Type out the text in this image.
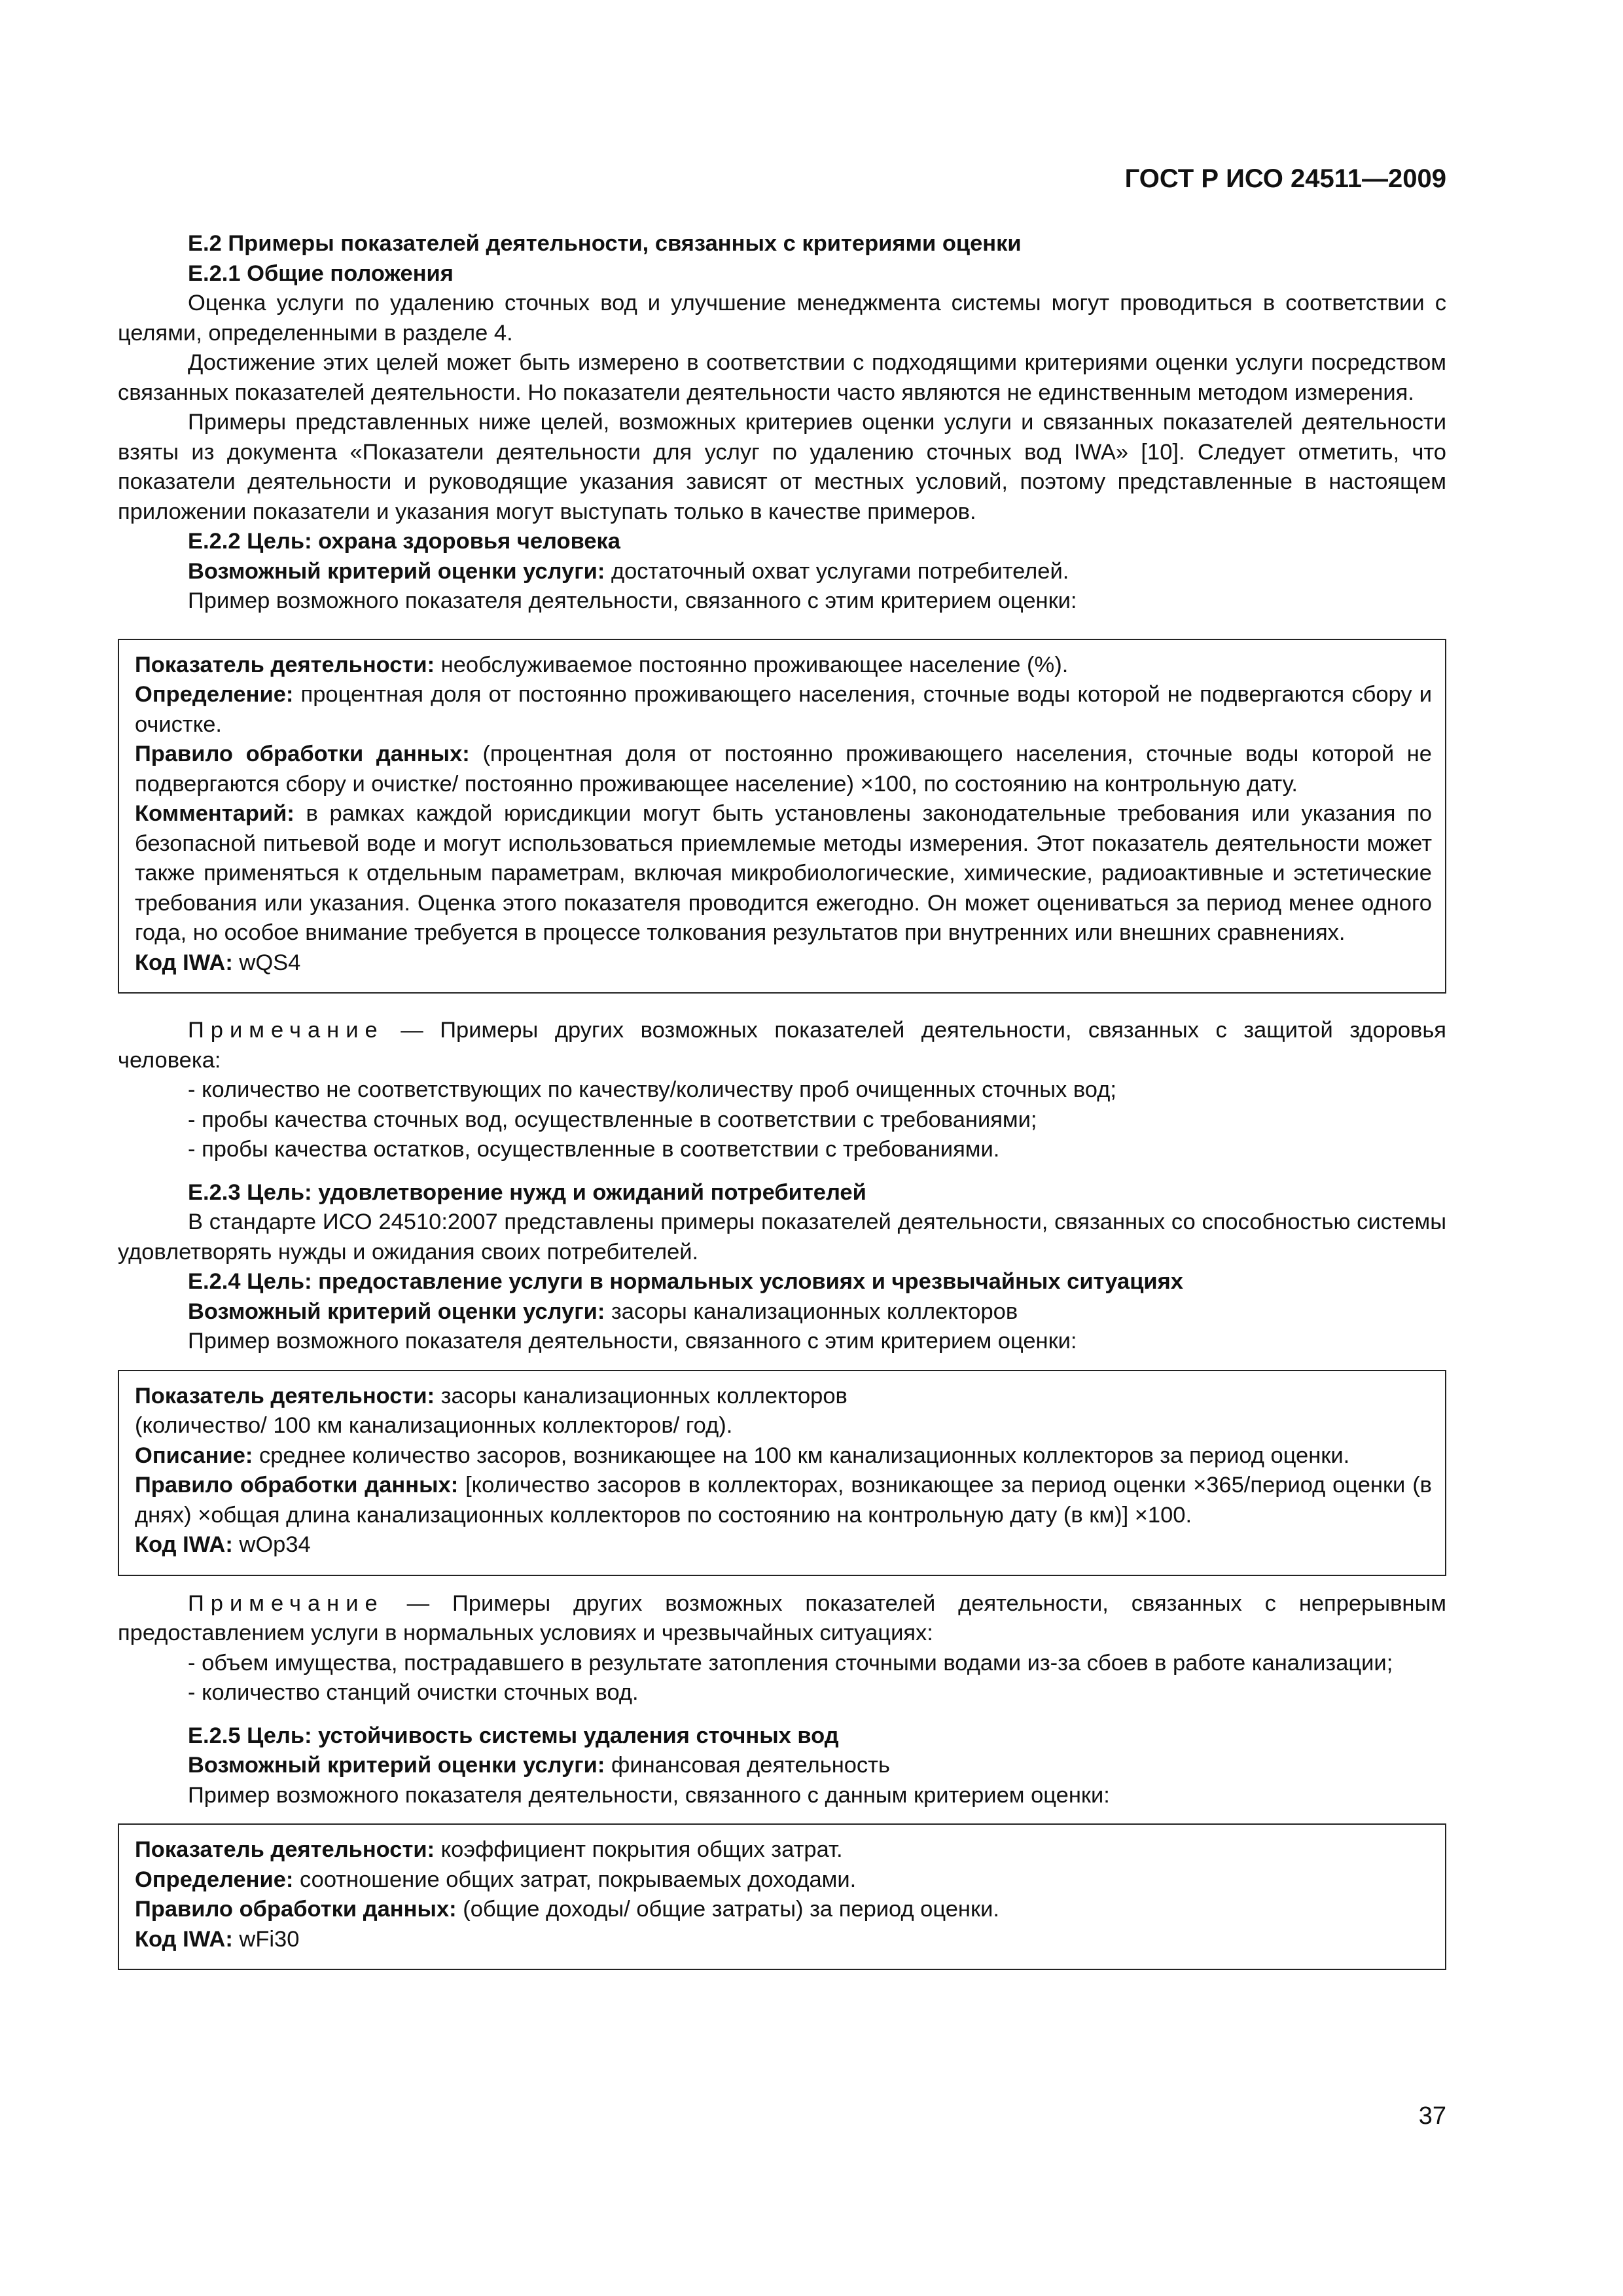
ГОСТ Р ИСО 24511—2009

Е.2 Примеры показателей деятельности, связанных с критериями оценки

Е.2.1 Общие положения

Оценка услуги по удалению сточных вод и улучшение менеджмента системы могут проводиться в соответствии с целями, определенными в разделе 4.

Достижение этих целей может быть измерено в соответствии с подходящими критериями оценки услуги посредством связанных показателей деятельности. Но показатели деятельности часто являются не единственным методом измерения.

Примеры представленных ниже целей, возможных критериев оценки услуги и связанных показателей деятельности взяты из документа «Показатели деятельности для услуг по удалению сточных вод IWA» [10]. Следует отметить, что показатели деятельности и руководящие указания зависят от местных условий, поэтому представленные в настоящем приложении показатели и указания могут выступать только в качестве примеров.

Е.2.2 Цель: охрана здоровья человека

Возможный критерий оценки услуги: достаточный охват услугами потребителей.

Пример возможного показателя деятельности, связанного с этим критерием оценки:

Показатель деятельности: необслуживаемое постоянно проживающее население (%).

Определение: процентная доля от постоянно проживающего населения, сточные воды которой не подвергаются сбору и очистке.

Правило обработки данных: (процентная доля от постоянно проживающего населения, сточные воды которой не подвергаются сбору и очистке/ постоянно проживающее население) ×100, по состоянию на контрольную дату.

Комментарий: в рамках каждой юрисдикции могут быть установлены законодательные требования или указания по безопасной питьевой воде и могут использоваться приемлемые методы измерения. Этот показатель деятельности может также применяться к отдельным параметрам, включая микробиологические, химические, радиоактивные и эстетические требования или указания. Оценка этого показателя проводится ежегодно. Он может оцениваться за период менее одного года, но особое внимание требуется в процессе толкования результатов при внутренних или внешних сравнениях.

Код IWA: wQS4

Примечание — Примеры других возможных показателей деятельности, связанных с защитой здоровья человека:

- количество не соответствующих по качеству/количеству проб очищенных сточных вод;

- пробы качества сточных вод, осуществленные в соответствии с требованиями;

- пробы качества остатков, осуществленные в соответствии с требованиями.

Е.2.3 Цель: удовлетворение нужд и ожиданий потребителей

В стандарте ИСО 24510:2007 представлены примеры показателей деятельности, связанных со способностью системы удовлетворять нужды и ожидания своих потребителей.

Е.2.4 Цель: предоставление услуги в нормальных условиях и чрезвычайных ситуациях

Возможный критерий оценки услуги: засоры канализационных коллекторов

Пример возможного показателя деятельности, связанного с этим критерием оценки:

Показатель деятельности: засоры канализационных коллекторов

(количество/ 100 км канализационных коллекторов/ год).

Описание: среднее количество засоров, возникающее на 100 км канализационных коллекторов за период оценки.

Правило обработки данных: [количество засоров в коллекторах, возникающее за период оценки ×365/период оценки (в днях) ×общая длина канализационных коллекторов по состоянию на контрольную дату (в км)] ×100.

Код IWA: wOp34

Примечание — Примеры других возможных показателей деятельности, связанных с непрерывным предоставлением услуги в нормальных условиях и чрезвычайных ситуациях:

- объем имущества, пострадавшего в результате затопления сточными водами из-за сбоев в работе канализации;

- количество станций очистки сточных вод.

Е.2.5 Цель: устойчивость системы удаления сточных вод

Возможный критерий оценки услуги: финансовая деятельность

Пример возможного показателя деятельности, связанного с данным критерием оценки:

Показатель деятельности: коэффициент покрытия общих затрат.

Определение: соотношение общих затрат, покрываемых доходами.

Правило обработки данных: (общие доходы/ общие затраты) за период оценки.

Код IWA: wFi30

37
